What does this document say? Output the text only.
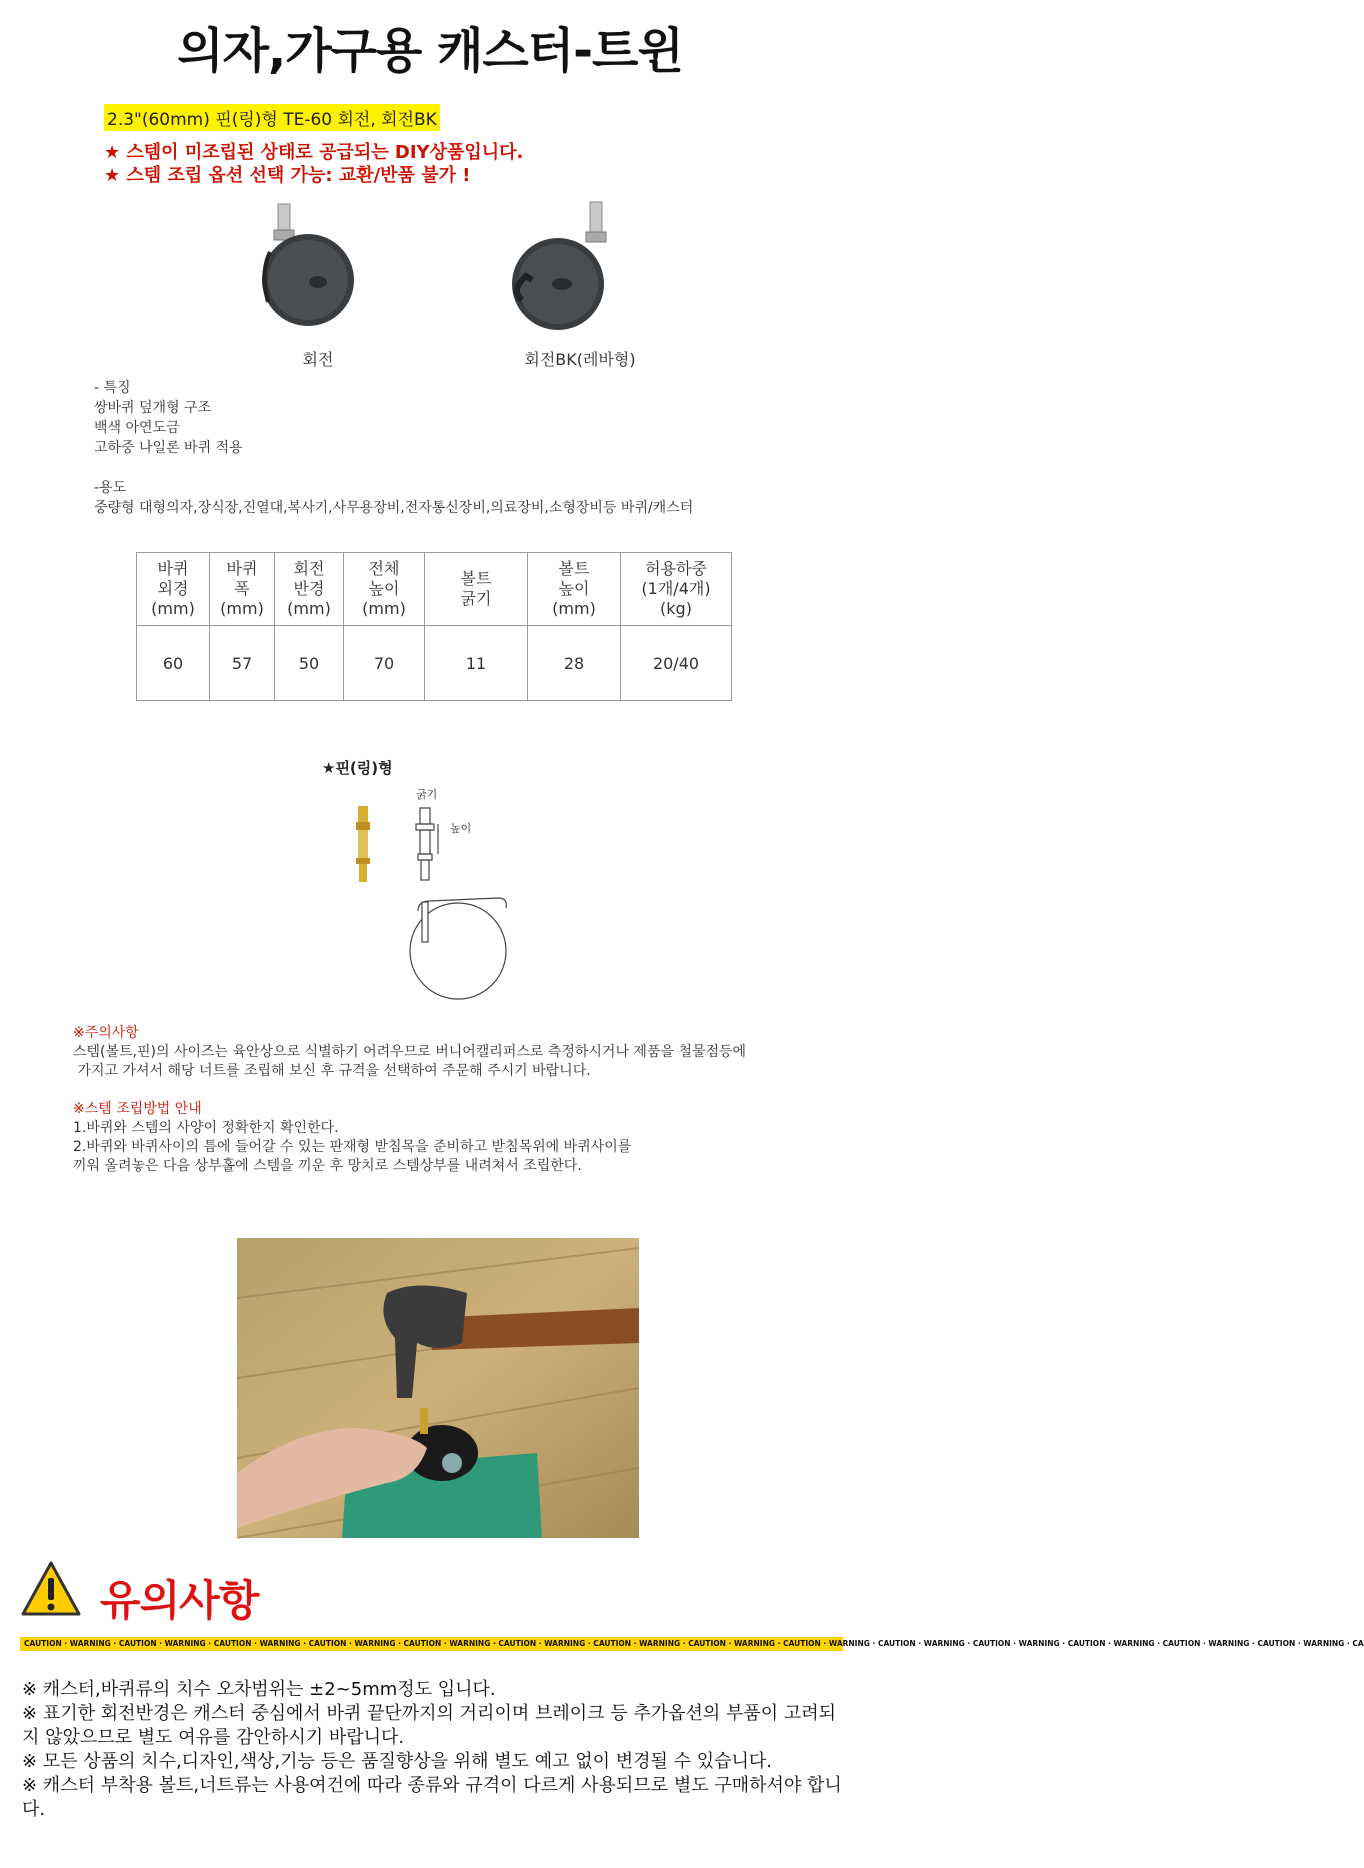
의자,가구용 캐스터-트윈
2.3"(60mm) 핀(링)형 TE-60 회전, 회전BK
★ 스템이 미조립된 상태로 공급되는 DIY상품입니다.
★ 스템 조립 옵션 선택 가능: 교환/반품 불가 !
회전	회전BK(레바형)
- 특징
쌍바퀴 덮개형 구조
백색 아연도금
고하중 나일론 바퀴 적용
-용도
중량형 대형의자,장식장,진열대,복사기,사무용장비,전자통신장비,의료장비,소형장비등 바퀴/캐스터
바퀴
외경
(mm)	바퀴
폭
(mm)	회전
반경
(mm)	전체
높이
(mm)	볼트
굵기	볼트
높이
(mm)	허용하중
(1개/4개)
(kg)
60	57	50	70	11	28	20/40
★핀(링)형
굵기
높이
※주의사항
스템(볼트,핀)의 사이즈는 육안상으로 식별하기 어려우므로 버니어캘리퍼스로 측정하시거나 제품을 철물점등에
가지고 가셔서 해당 너트를 조립해 보신 후 규격을 선택하여 주문해 주시기 바랍니다.
※스템 조립방법 안내
1.바퀴와 스템의 사양이 정확한지 확인한다.
2.바퀴와 바퀴사이의 틈에 들어갈 수 있는 판재형 받침목을 준비하고 받침목위에 바퀴사이를
끼워 올려놓은 다음 상부홀에 스템을 끼운 후 망치로 스템상부를 내려쳐서 조립한다.
유의사항
CAUTION · WARNING · CAUTION · WARNING · CAUTION · WARNING · CAUTION · WARNING · CAUTION · WARNING · CAUTION · WARNING · CAUTION · WARNING · CAUTION · WARNING · CAUTION · WARNING · CAUTION · WARNING · CAUTION · WARNING · CAUTION · WARNING · CAUTION · WARNING · CAUTION · WARNING · CA
※ 캐스터,바퀴류의 치수 오차범위는 ±2~5mm정도 입니다.
※ 표기한 회전반경은 캐스터 중심에서 바퀴 끝단까지의 거리이며 브레이크 등 추가옵션의 부품이 고려되지 않았으므로 별도 여유를 감안하시기 바랍니다.
※ 모든 상품의 치수,디자인,색상,기능 등은 품질향상을 위해 별도 예고 없이 변경될 수 있습니다.
※ 캐스터 부착용 볼트,너트류는 사용여건에 따라 종류와 규격이 다르게 사용되므로 별도 구매하셔야 합니다.
